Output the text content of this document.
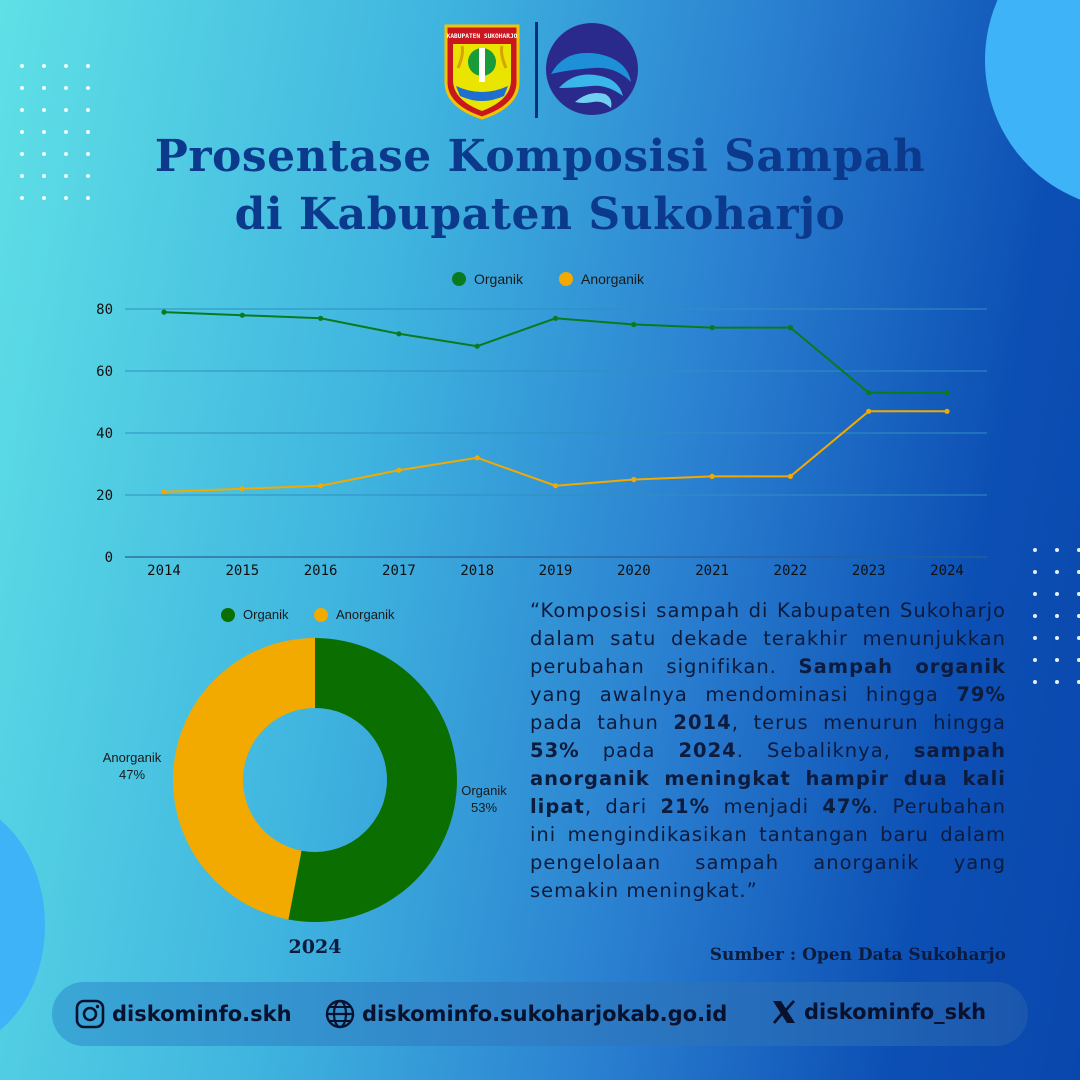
KABUPATEN SUKOHARJO
Prosentase Komposisi Sampah
di Kabupaten Sukoharjo
Organik	Anorganik
0
20
40
60
80
2014	2015	2016	2017	2018	2019	2020	2021	2022	2023	2024
Organik	Anorganik
Anorganik
47%
Organik
53%
2024
“Komposisi sampah di Kabupaten Sukoharjo dalam satu dekade terakhir menunjukkan perubahan signifikan. Sampah organik yang awalnya mendominasi hingga 79% pada tahun 2014, terus menurun hingga 53% pada 2024. Sebaliknya, sampah anorganik meningkat hampir dua kali lipat, dari 21% menjadi 47%. Perubahan ini mengindikasikan tantangan baru dalam pengelolaan sampah anorganik yang semakin meningkat.”
Sumber : Open Data Sukoharjo
diskominfo.skh	diskominfo.sukoharjokab.go.id	diskominfo_skh
